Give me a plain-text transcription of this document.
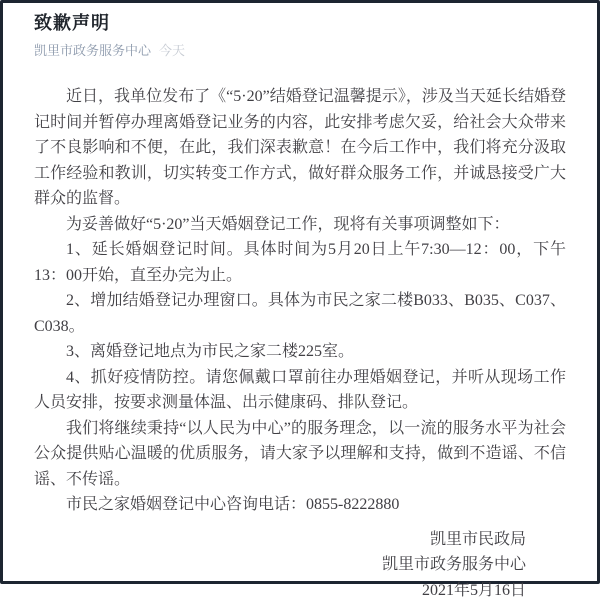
致歉声明
凯里市政务服务中心 今天

近日，我单位发布了《“5·20”结婚登记温馨提示》，涉及当天延长结婚登记时间并暂停办理离婚登记业务的内容，此安排考虑欠妥，给社会大众带来了不良影响和不便，在此，我们深表歉意！在今后工作中，我们将充分汲取工作经验和教训，切实转变工作方式，做好群众服务工作，并诚恳接受广大群众的监督。

为妥善做好“5·20”当天婚姻登记工作，现将有关事项调整如下：

1、延长婚姻登记时间。具体时间为5月20日上午7:30—12：00，下午13：00开始，直至办完为止。

2、增加结婚登记办理窗口。具体为市民之家二楼B033、B035、C037、C038。

3、离婚登记地点为市民之家二楼225室。

4、抓好疫情防控。请您佩戴口罩前往办理婚姻登记，并听从现场工作人员安排，按要求测量体温、出示健康码、排队登记。

我们将继续秉持“以人民为中心”的服务理念，以一流的服务水平为社会公众提供贴心温暖的优质服务，请大家予以理解和支持，做到不造谣、不信谣、不传谣。

市民之家婚姻登记中心咨询电话：0855-8222880

凯里市民政局

凯里市政务服务中心

2021年5月16日
